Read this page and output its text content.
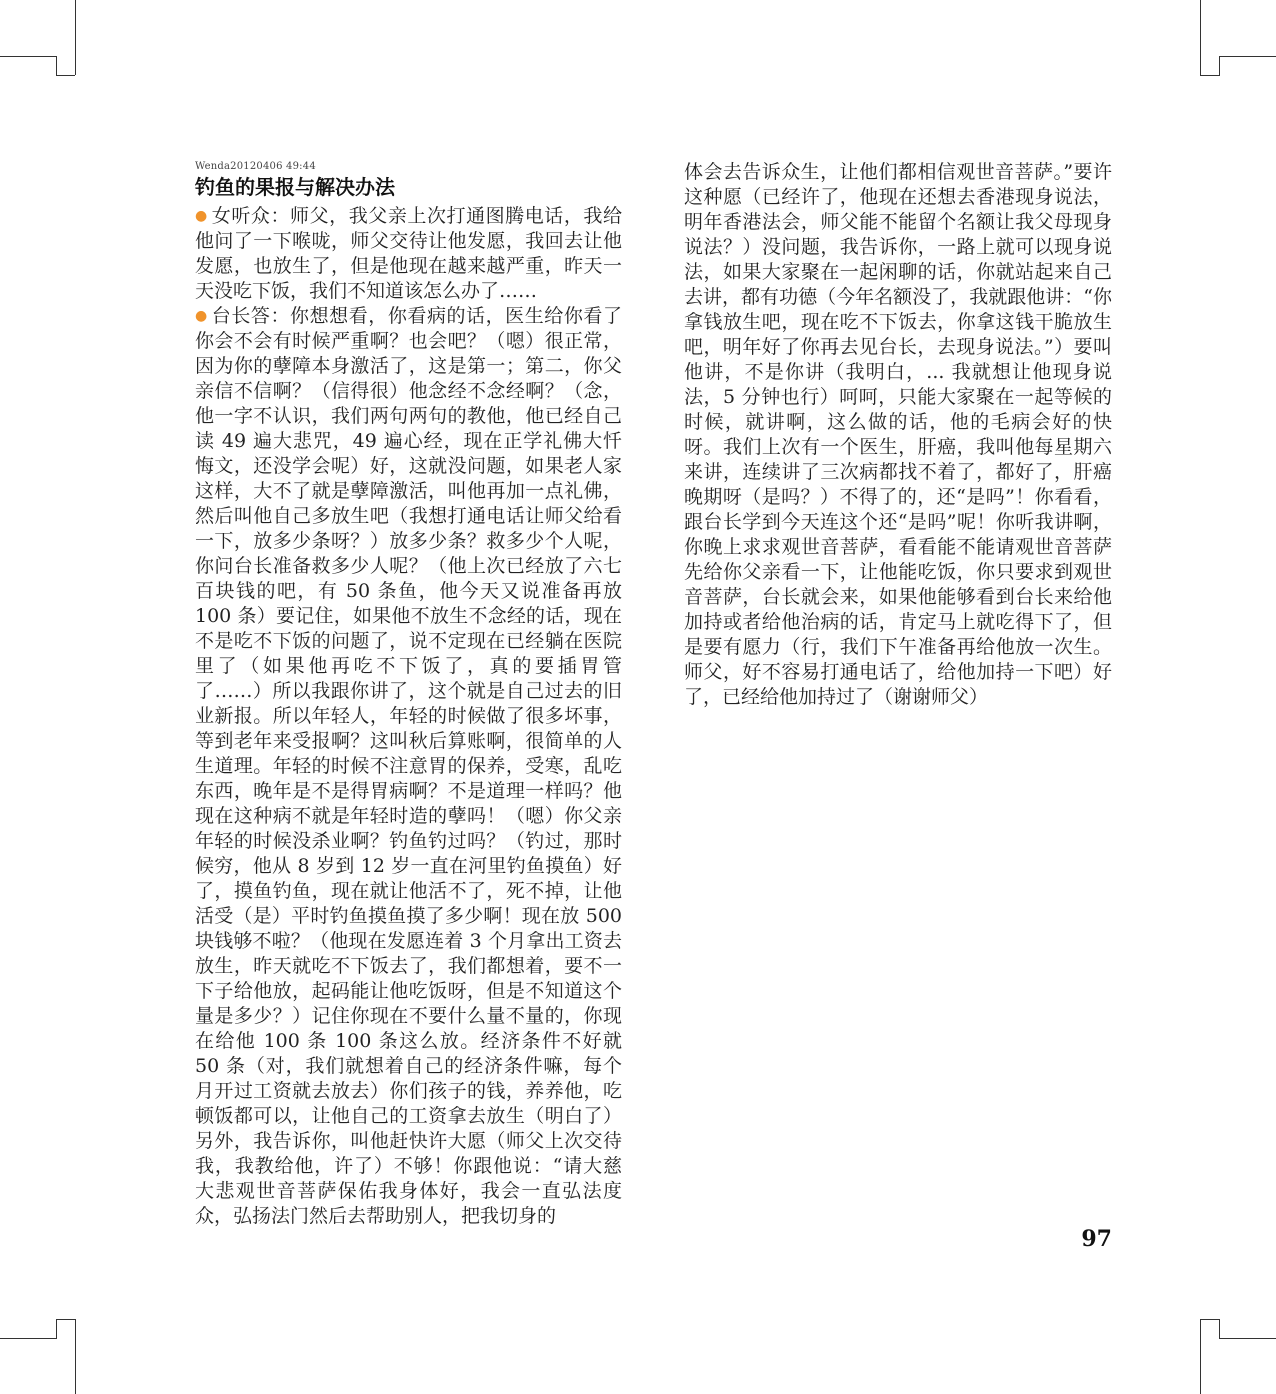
Wenda20120406 49:44
钓鱼的果报与解决办法

● 女听众：师父，我父亲上次打通图腾电话，我给他问了一下喉咙，师父交待让他发愿，我回去让他发愿，也放生了，但是他现在越来越严重，昨天一天没吃下饭，我们不知道该怎么办了……

● 台长答：你想想看，你看病的话，医生给你看了你会不会有时候严重啊？也会吧？（嗯）很正常，因为你的孽障本身激活了，这是第一；第二，你父亲信不信啊？（信得很）他念经不念经啊？（念，他一字不认识，我们两句两句的教他，他已经自己读 49 遍大悲咒，49 遍心经，现在正学礼佛大忏悔文，还没学会呢）好，这就没问题，如果老人家这样，大不了就是孽障激活，叫他再加一点礼佛，然后叫他自己多放生吧（我想打通电话让师父给看一下，放多少条呀？）放多少条？救多少个人呢，你问台长准备救多少人呢？（他上次已经放了六七百块钱的吧，有 50 条鱼，他今天又说准备再放 100 条）要记住，如果他不放生不念经的话，现在不是吃不下饭的问题了，说不定现在已经躺在医院里了（如果他再吃不下饭了，真的要插胃管了……）所以我跟你讲了，这个就是自己过去的旧业新报。所以年轻人，年轻的时候做了很多坏事，等到老年来受报啊？这叫秋后算账啊，很简单的人生道理。年轻的时候不注意胃的保养，受寒，乱吃东西，晚年是不是得胃病啊？不是道理一样吗？他现在这种病不就是年轻时造的孽吗！（嗯）你父亲年轻的时候没杀业啊？钓鱼钓过吗？（钓过，那时候穷，他从 8 岁到 12 岁一直在河里钓鱼摸鱼）好了，摸鱼钓鱼，现在就让他活不了，死不掉，让他活受（是）平时钓鱼摸鱼摸了多少啊！现在放 500 块钱够不啦？（他现在发愿连着 3 个月拿出工资去放生，昨天就吃不下饭去了，我们都想着，要不一下子给他放，起码能让他吃饭呀，但是不知道这个量是多少？）记住你现在不要什么量不量的，你现在给他 100 条 100 条这么放。经济条件不好就 50 条（对，我们就想着自己的经济条件嘛，每个月开过工资就去放去）你们孩子的钱，养养他，吃顿饭都可以，让他自己的工资拿去放生（明白了）另外，我告诉你，叫他赶快许大愿（师父上次交待我，我教给他，许了）不够！你跟他说：“请大慈大悲观世音菩萨保佑我身体好，我会一直弘法度众，弘扬法门然后去帮助别人，把我切身的

体会去告诉众生，让他们都相信观世音菩萨。”要许这种愿（已经许了，他现在还想去香港现身说法，明年香港法会，师父能不能留个名额让我父母现身说法？）没问题，我告诉你，一路上就可以现身说法，如果大家聚在一起闲聊的话，你就站起来自己去讲，都有功德（今年名额没了，我就跟他讲：“你拿钱放生吧，现在吃不下饭去，你拿这钱干脆放生吧，明年好了你再去见台长，去现身说法。”）要叫他讲，不是你讲（我明白，... 我就想让他现身说法，5 分钟也行）呵呵，只能大家聚在一起等候的时候，就讲啊，这么做的话，他的毛病会好的快呀。我们上次有一个医生，肝癌，我叫他每星期六来讲，连续讲了三次病都找不着了，都好了，肝癌晚期呀（是吗？）不得了的，还“是吗”！你看看，跟台长学到今天连这个还“是吗”呢！你听我讲啊，你晚上求求观世音菩萨，看看能不能请观世音菩萨先给你父亲看一下，让他能吃饭，你只要求到观世音菩萨，台长就会来，如果他能够看到台长来给他加持或者给他治病的话，肯定马上就吃得下了，但是要有愿力（行，我们下午准备再给他放一次生。师父，好不容易打通电话了，给他加持一下吧）好了，已经给他加持过了（谢谢师父）

97
